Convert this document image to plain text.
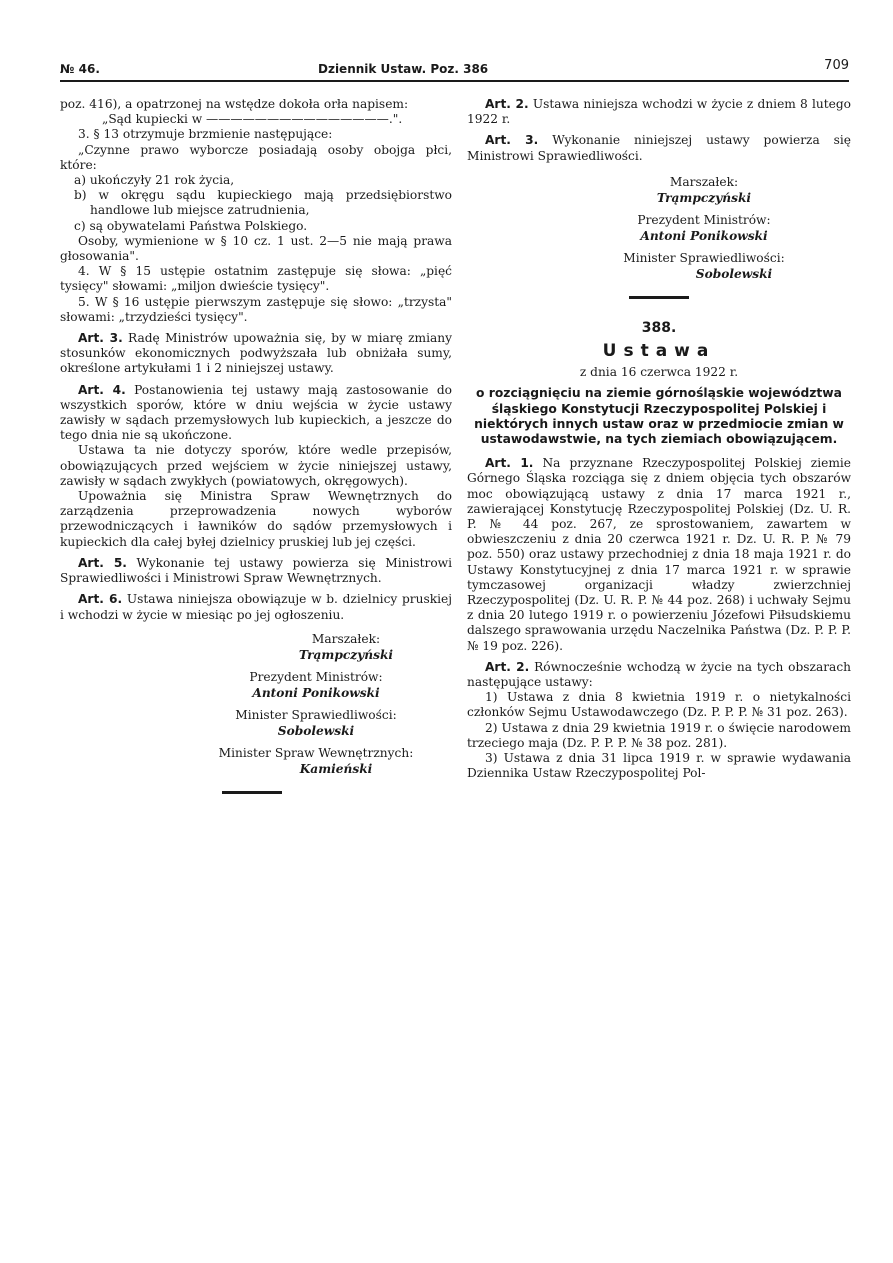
№ 46.	Dziennik Ustaw. Poz. 386	709

poz. 416), a opatrzonej na wstędze dokoła orła napisem:

„Sąd kupiecki w ———————————————.".

3. § 13 otrzymuje brzmienie następujące:

„Czynne prawo wyborcze posiadają osoby obojga płci, które:

a) ukończyły 21 rok życia,

b) w okręgu sądu kupieckiego mają przedsiębiorstwo handlowe lub miejsce zatrudnienia,

c) są obywatelami Państwa Polskiego.

Osoby, wymienione w § 10 cz. 1 ust. 2—5 nie mają prawa głosowania".

4. W § 15 ustępie ostatnim zastępuje się słowa: „pięć tysięcy" słowami: „miljon dwieście tysięcy".

5. W § 16 ustępie pierwszym zastępuje się słowo: „trzysta" słowami: „trzydzieści tysięcy".

Art. 3. Radę Ministrów upoważnia się, by w miarę zmiany stosunków ekonomicznych podwyższała lub obniżała sumy, określone artykułami 1 i 2 niniejszej ustawy.

Art. 4. Postanowienia tej ustawy mają zastosowanie do wszystkich sporów, które w dniu wejścia w życie ustawy zawisły w sądach przemysłowych lub kupieckich, a jeszcze do tego dnia nie są ukończone.

Ustawa ta nie dotyczy sporów, które wedle przepisów, obowiązujących przed wejściem w życie niniejszej ustawy, zawisły w sądach zwykłych (powiatowych, okręgowych).

Upoważnia się Ministra Spraw Wewnętrznych do zarządzenia przeprowadzenia nowych wyborów przewodniczących i ławników do sądów przemysłowych i kupieckich dla całej byłej dzielnicy pruskiej lub jej części.

Art. 5. Wykonanie tej ustawy powierza się Ministrowi Sprawiedliwości i Ministrowi Spraw Wewnętrznych.

Art. 6. Ustawa niniejsza obowiązuje w b. dzielnicy pruskiej i wchodzi w życie w miesiąc po jej ogłoszeniu.

Marszałek:
Trąmpczyński
Prezydent Ministrów:
Antoni Ponikowski
Minister Sprawiedliwości:
Sobolewski
Minister Spraw Wewnętrznych:
Kamieński

Art. 2. Ustawa niniejsza wchodzi w życie z dniem 8 lutego 1922 r.

Art. 3. Wykonanie niniejszej ustawy powierza się Ministrowi Sprawiedliwości.

Marszałek:
Trąmpczyński
Prezydent Ministrów:
Antoni Ponikowski
Minister Sprawiedliwości:
Sobolewski
388.
Ustawa
z dnia 16 czerwca 1922 r.
o rozciągnięciu na ziemie górnośląskie województwa śląskiego Konstytucji Rzeczypospolitej Polskiej i niektórych innych ustaw oraz w przedmiocie zmian w ustawodawstwie, na tych ziemiach obowiązującem.

Art. 1. Na przyznane Rzeczypospolitej Polskiej ziemie Górnego Śląska rozciąga się z dniem objęcia tych obszarów moc obowiązującą ustawy z dnia 17 marca 1921 r., zawierającej Konstytucję Rzeczypospolitej Polskiej (Dz. U. R. P. № 44 poz. 267, ze sprostowaniem, zawartem w obwieszczeniu z dnia 20 czerwca 1921 r. Dz. U. R. P. № 79 poz. 550) oraz ustawy przechodniej z dnia 18 maja 1921 r. do Ustawy Konstytucyjnej z dnia 17 marca 1921 r. w sprawie tymczasowej organizacji władzy zwierzchniej Rzeczypospolitej (Dz. U. R. P. № 44 poz. 268) i uchwały Sejmu z dnia 20 lutego 1919 r. o powierzeniu Józefowi Piłsudskiemu dalszego sprawowania urzędu Naczelnika Państwa (Dz. P. P. P. № 19 poz. 226).

Art. 2. Równocześnie wchodzą w życie na tych obszarach następujące ustawy:

1) Ustawa z dnia 8 kwietnia 1919 r. o nietykalności członków Sejmu Ustawodawczego (Dz. P. P. P. № 31 poz. 263).

2) Ustawa z dnia 29 kwietnia 1919 r. o święcie narodowem trzeciego maja (Dz. P. P. P. № 38 poz. 281).

3) Ustawa z dnia 31 lipca 1919 r. w sprawie wydawania Dziennika Ustaw Rzeczypospolitej Pol-
